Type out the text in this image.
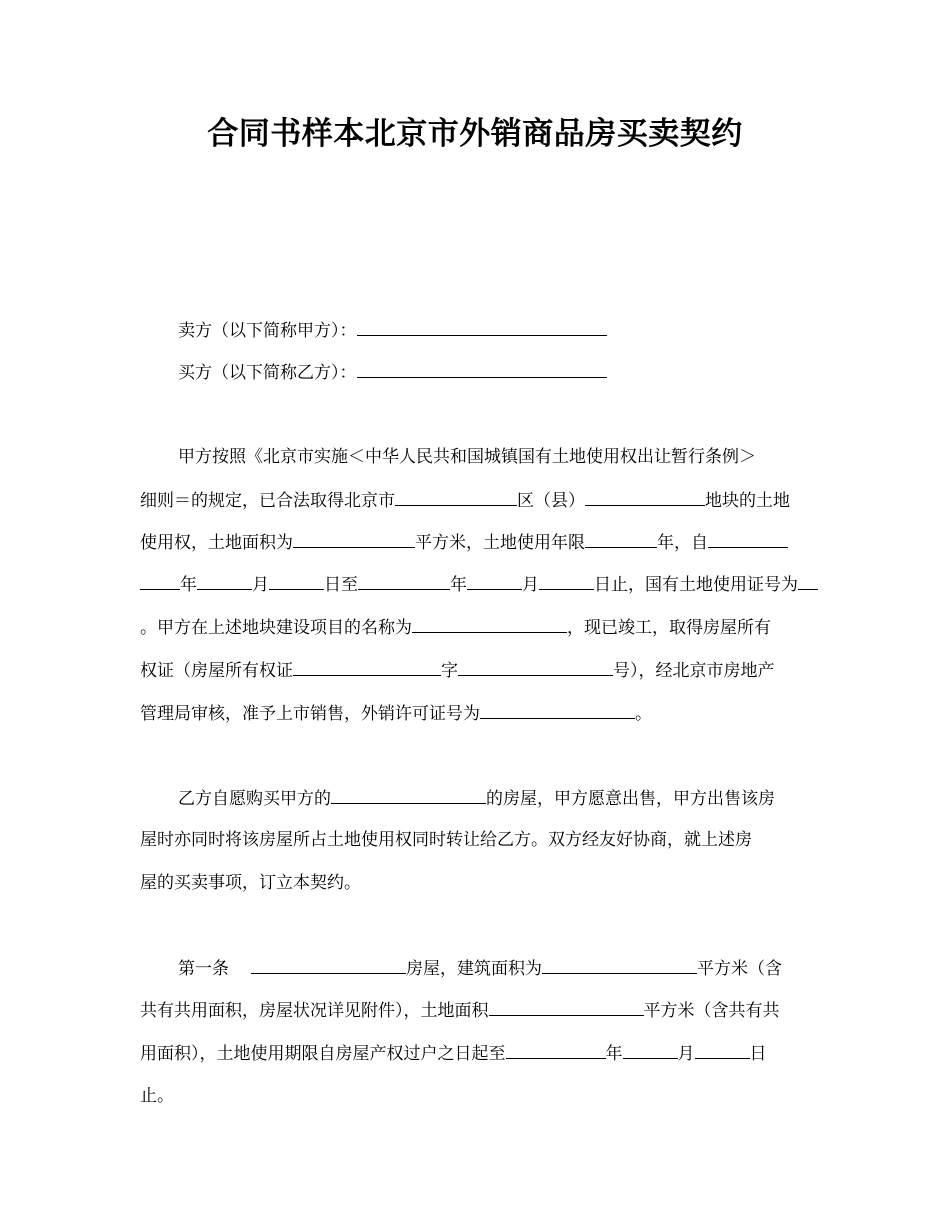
合同书样本北京市外销商品房买卖契约
卖方（以下简称甲方）：
买方（以下简称乙方）：
甲方按照《北京市实施＜中华人民共和国城镇国有土地使用权出让暂行条例＞
细则＝的规定，已合法取得北京市	区（县）	地块的土地
使用权，土地面积为	平方米，土地使用年限	年，自
年	月	日至	年	月	日止，国有土地使用证号为
。甲方在上述地块建设项目的名称为	，现已竣工，取得房屋所有
权证（房屋所有权证	字	号），经北京市房地产
管理局审核，准予上市销售，外销许可证号为	。
乙方自愿购买甲方的	的房屋，甲方愿意出售，甲方出售该房
屋时亦同时将该房屋所占土地使用权同时转让给乙方。双方经友好协商，就上述房
屋的买卖事项，订立本契约。
第一条	房屋，建筑面积为	平方米（含
共有共用面积，房屋状况详见附件），土地面积	平方米（含共有共
用面积），土地使用期限自房屋产权过户之日起至	年	月	日
止。
